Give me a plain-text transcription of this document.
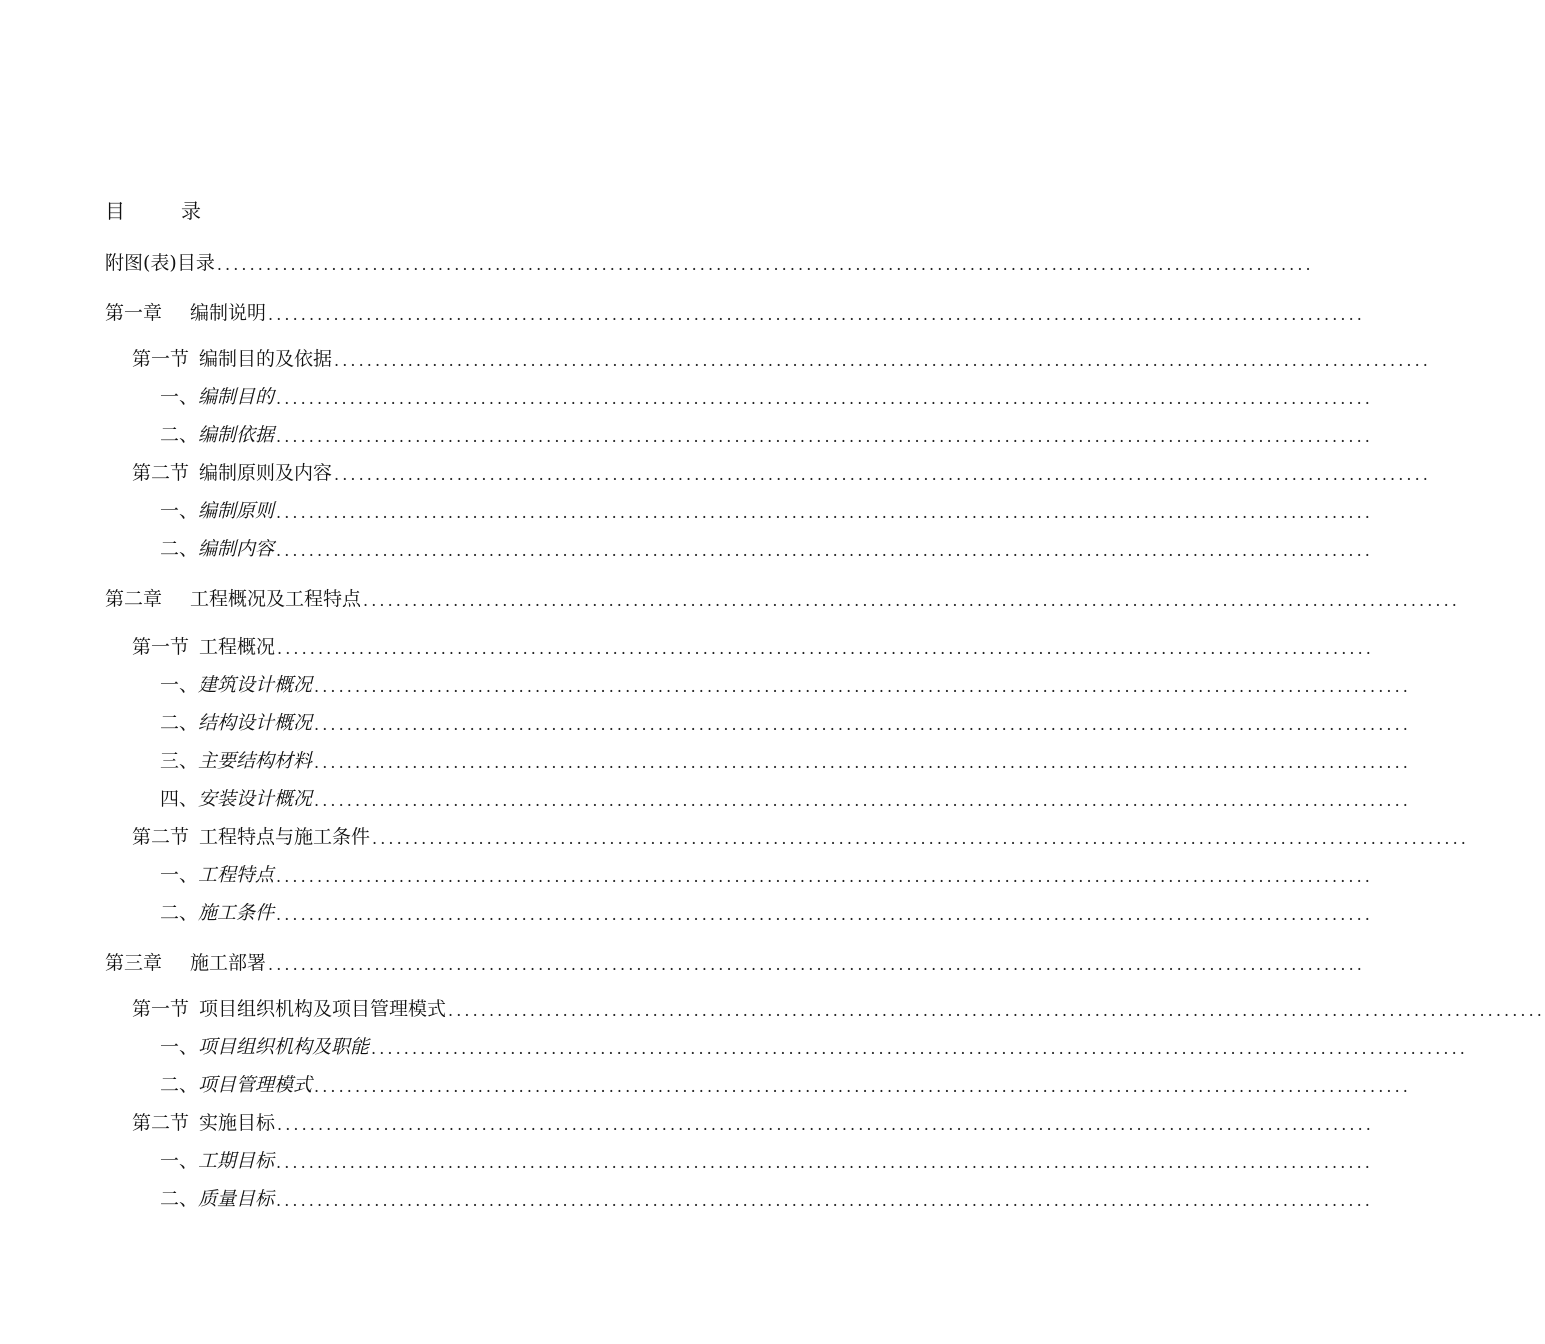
目	录
附图(表)目录 ......................................................................................................................................
第一章 编制说明 ......................................................................................................................................
第一节 编制目的及依据 ......................................................................................................................................
一、编制目的 ......................................................................................................................................
二、编制依据 ......................................................................................................................................
第二节 编制原则及内容 ......................................................................................................................................
一、编制原则 ......................................................................................................................................
二、编制内容 ......................................................................................................................................
第二章 工程概况及工程特点 ......................................................................................................................................
第一节 工程概况 ......................................................................................................................................
一、建筑设计概况 ......................................................................................................................................
二、结构设计概况 ......................................................................................................................................
三、主要结构材料 ......................................................................................................................................
四、安装设计概况 ......................................................................................................................................
第二节 工程特点与施工条件 ......................................................................................................................................
一、工程特点 ......................................................................................................................................
二、施工条件 ......................................................................................................................................
第三章 施工部署 ......................................................................................................................................
第一节 项目组织机构及项目管理模式 ......................................................................................................................................
一、项目组织机构及职能 ......................................................................................................................................
二、项目管理模式 ......................................................................................................................................
第二节 实施目标 ......................................................................................................................................
一、工期目标 ......................................................................................................................................
二、质量目标 ......................................................................................................................................
